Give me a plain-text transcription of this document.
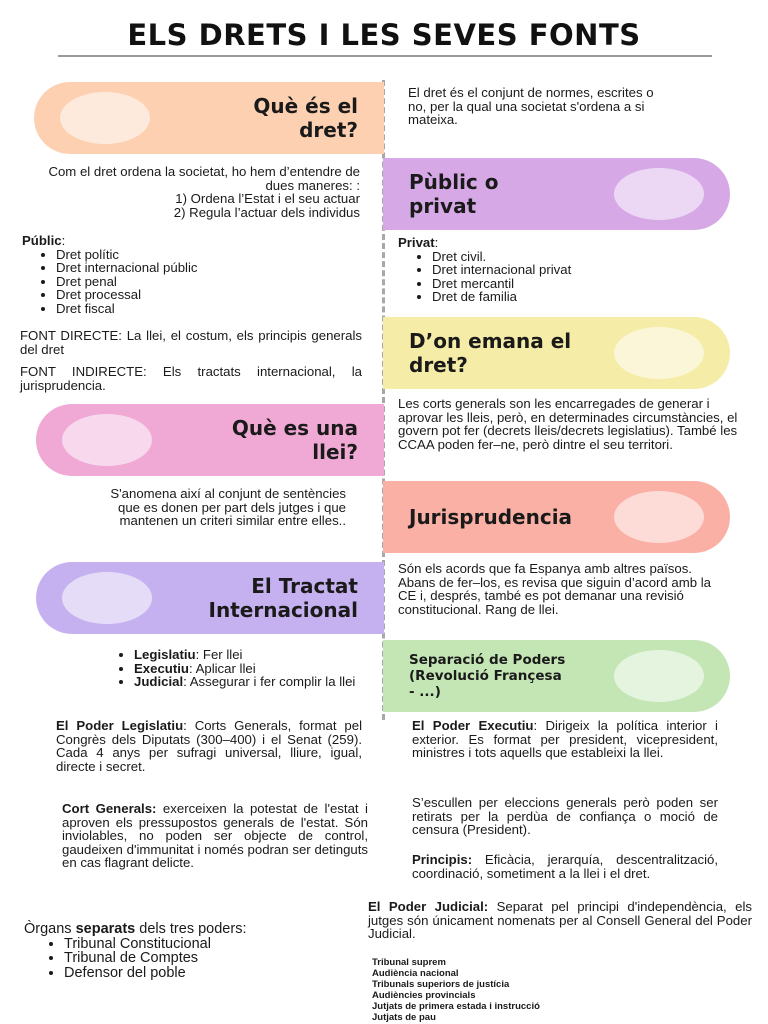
ELS DRETS I LES SEVES FONTS
Què és el
dret?
Pùblic o
privat
D’on emana el
dret?
Què es una
llei?
Jurisprudencia
El Tractat
Internacional
Separació de Poders
(Revolució Françesa
- ...)
El dret és el conjunt de normes, escrites o no, per la qual una societat s'ordena a si mateixa.
Com el dret ordena la societat, ho hem d’entendre de dues maneres: :
1) Ordena l’Estat i el seu actuar
2) Regula l’actuar dels individus
Públic:
• Dret polític
• Dret internacional públic
• Dret penal
• Dret processal
• Dret fiscal
Privat:
• Dret civil.
• Dret internacional privat
• Dret mercantil
• Dret de familia
FONT DIRECTE: La llei, el costum, els principis generals del dret
FONT INDIRECTE: Els tractats internacional, la jurisprudencia.
Les corts generals son les encarregades de generar i aprovar les lleis, però, en determinades circumstàncies, el govern pot fer (decrets lleis/decrets legislatius). També les CCAA poden fer–ne, però dintre el seu territori.
S'anomena així al conjunt de sentències que es donen per part dels jutges i que mantenen un criteri similar entre elles..
Són els acords que fa Espanya amb altres països. Abans de fer–los, es revisa que siguin d’acord amb la CE i, després, també es pot demanar una revisió constitucional. Rang de llei.
• Legislatiu: Fer llei
• Executiu: Aplicar llei
• Judicial: Assegurar i fer complir la llei
El Poder Legislatiu: Corts Generals, format pel Congrès dels Diputats (300–400) i el Senat (259). Cada 4 anys per sufragi universal, lliure, igual, directe i secret.
Cort Generals: exerceixen la potestat de l'estat i aproven els pressupostos generals de l'estat. Són inviolables, no poden ser objecte de control, gaudeixen d'immunitat i només podran ser detinguts en cas flagrant delicte.
El Poder Executiu: Dirigeix la política interior i exterior. Es format per president, vicepresident, ministres i tots aquells que estableixi la llei.
S’escullen per eleccions generals però poden ser retirats per la perdùa de confiança o moció de censura (President).
Principis: Eficàcia, jerarquía, descentralització, coordinació, sometiment a la llei i el dret.
El Poder Judicial: Separat pel principi d'independència, els jutges són únicament nomenats per al Consell General del Poder Judicial.
Tribunal suprem
Audiència nacional
Tribunals superiors de justícia
Audiències provincials
Jutjats de primera estada i instrucció
Jutjats de pau
Òrgans separats dels tres poders:
• Tribunal Constitucional
• Tribunal de Comptes
• Defensor del poble
